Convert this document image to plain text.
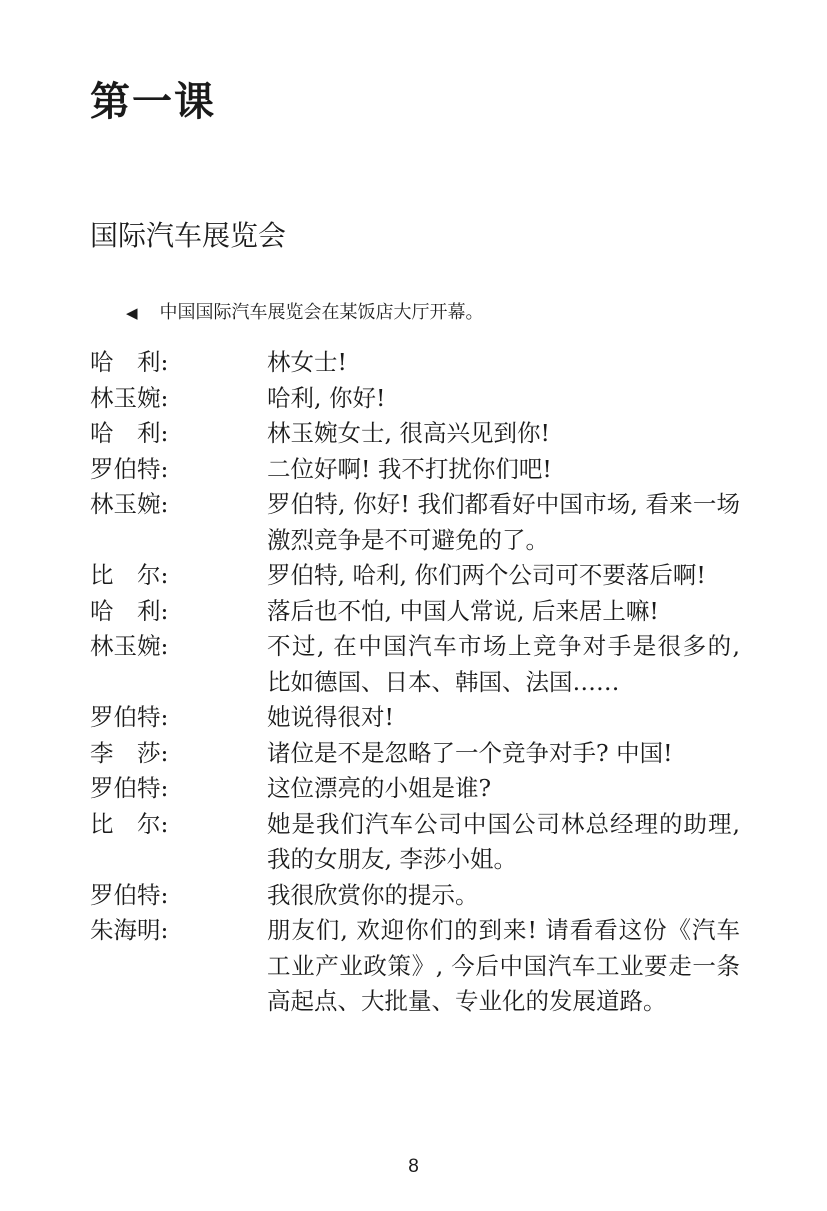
第一课
国际汽车展览会
◀ 中国国际汽车展览会在某饭店大厅开幕。
哈　利:	林女士!
林玉婉:	哈利, 你好!
哈　利:	林玉婉女士, 很高兴见到你!
罗伯特:	二位好啊! 我不打扰你们吧!
林玉婉:	罗伯特, 你好! 我们都看好中国市场, 看来一场激烈竞争是不可避免的了。
比　尔:	罗伯特, 哈利, 你们两个公司可不要落后啊!
哈　利:	落后也不怕, 中国人常说, 后来居上嘛!
林玉婉:	不过, 在中国汽车市场上竞争对手是很多的, 比如德国、日本、韩国、法国……
罗伯特:	她说得很对!
李　莎:	诸位是不是忽略了一个竞争对手? 中国!
罗伯特:	这位漂亮的小姐是谁?
比　尔:	她是我们汽车公司中国公司林总经理的助理, 我的女朋友, 李莎小姐。
罗伯特:	我很欣赏你的提示。
朱海明:	朋友们, 欢迎你们的到来! 请看看这份《汽车工业产业政策》, 今后中国汽车工业要走一条高起点、大批量、专业化的发展道路。
8
